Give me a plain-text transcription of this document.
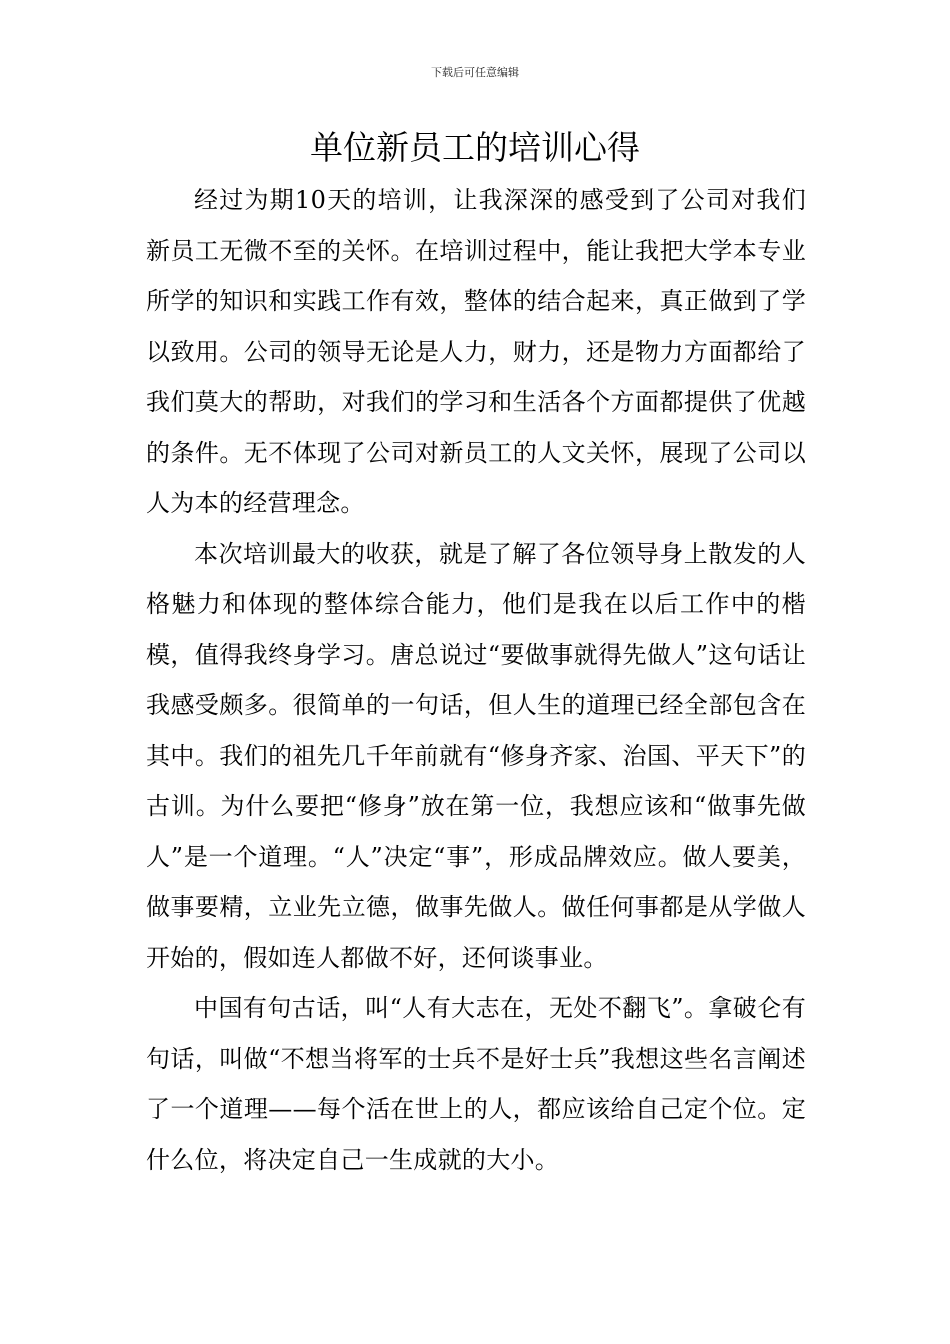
下载后可任意编辑
单位新员工的培训心得

经过为期10天的培训，让我深深的感受到了公司对我们新员工无微不至的关怀。在培训过程中，能让我把大学本专业所学的知识和实践工作有效，整体的结合起来，真正做到了学以致用。公司的领导无论是人力，财力，还是物力方面都给了我们莫大的帮助，对我们的学习和生活各个方面都提供了优越的条件。无不体现了公司对新员工的人文关怀，展现了公司以人为本的经营理念。

本次培训最大的收获，就是了解了各位领导身上散发的人格魅力和体现的整体综合能力，他们是我在以后工作中的楷模，值得我终身学习。唐总说过“要做事就得先做人”这句话让我感受颇多。很简单的一句话，但人生的道理已经全部包含在其中。我们的祖先几千年前就有“修身齐家、治国、平天下”的古训。为什么要把“修身”放在第一位，我想应该和“做事先做人”是一个道理。“人”决定“事”，形成品牌效应。做人要美，做事要精，立业先立德，做事先做人。做任何事都是从学做人开始的，假如连人都做不好，还何谈事业。

中国有句古话，叫“人有大志在，无处不翻飞”。拿破仑有句话，叫做“不想当将军的士兵不是好士兵”我想这些名言阐述了一个道理——每个活在世上的人，都应该给自己定个位。定什么位，将决定自己一生成就的大小。
